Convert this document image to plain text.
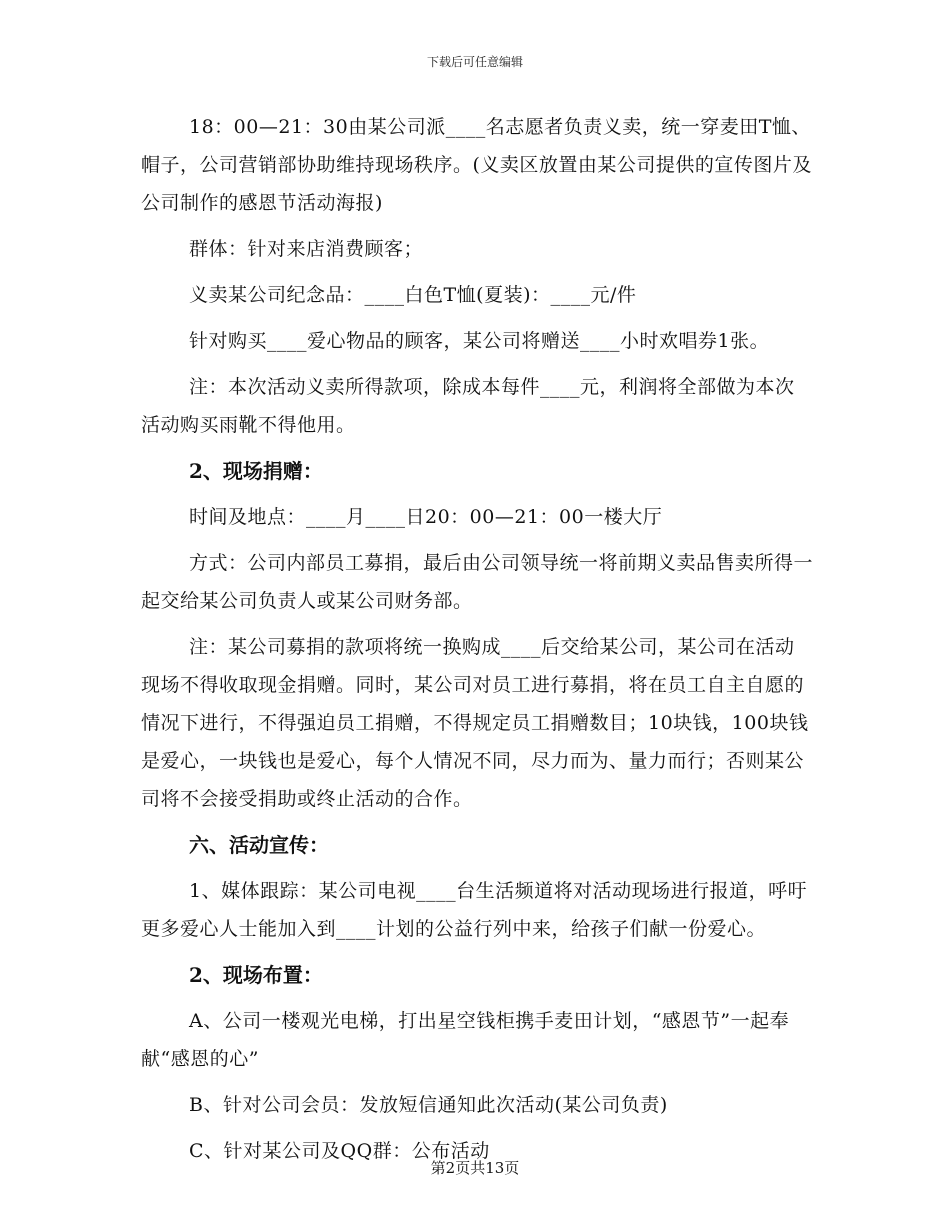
下载后可任意编辑

18：00—21：30由某公司派____名志愿者负责义卖，统一穿麦田T恤、帽子，公司营销部协助维持现场秩序。(义卖区放置由某公司提供的宣传图片及公司制作的感恩节活动海报)

群体：针对来店消费顾客；

义卖某公司纪念品：____白色T恤(夏装)：____元/件

针对购买____爱心物品的顾客，某公司将赠送____小时欢唱券1张。

注：本次活动义卖所得款项，除成本每件____元，利润将全部做为本次活动购买雨靴不得他用。

2、现场捐赠：

时间及地点：____月____日20：00—21：00一楼大厅

方式：公司内部员工募捐，最后由公司领导统一将前期义卖品售卖所得一起交给某公司负责人或某公司财务部。

注：某公司募捐的款项将统一换购成____后交给某公司，某公司在活动现场不得收取现金捐赠。同时，某公司对员工进行募捐，将在员工自主自愿的情况下进行，不得强迫员工捐赠，不得规定员工捐赠数目；10块钱，100块钱是爱心，一块钱也是爱心，每个人情况不同，尽力而为、量力而行；否则某公司将不会接受捐助或终止活动的合作。

六、活动宣传：

1、媒体跟踪：某公司电视____台生活频道将对活动现场进行报道，呼吁更多爱心人士能加入到____计划的公益行列中来，给孩子们献一份爱心。

2、现场布置：

A、公司一楼观光电梯，打出星空钱柜携手麦田计划，“感恩节”一起奉献“感恩的心”

B、针对公司会员：发放短信通知此次活动(某公司负责)

C、针对某公司及QQ群：公布活动

第2页共13页
